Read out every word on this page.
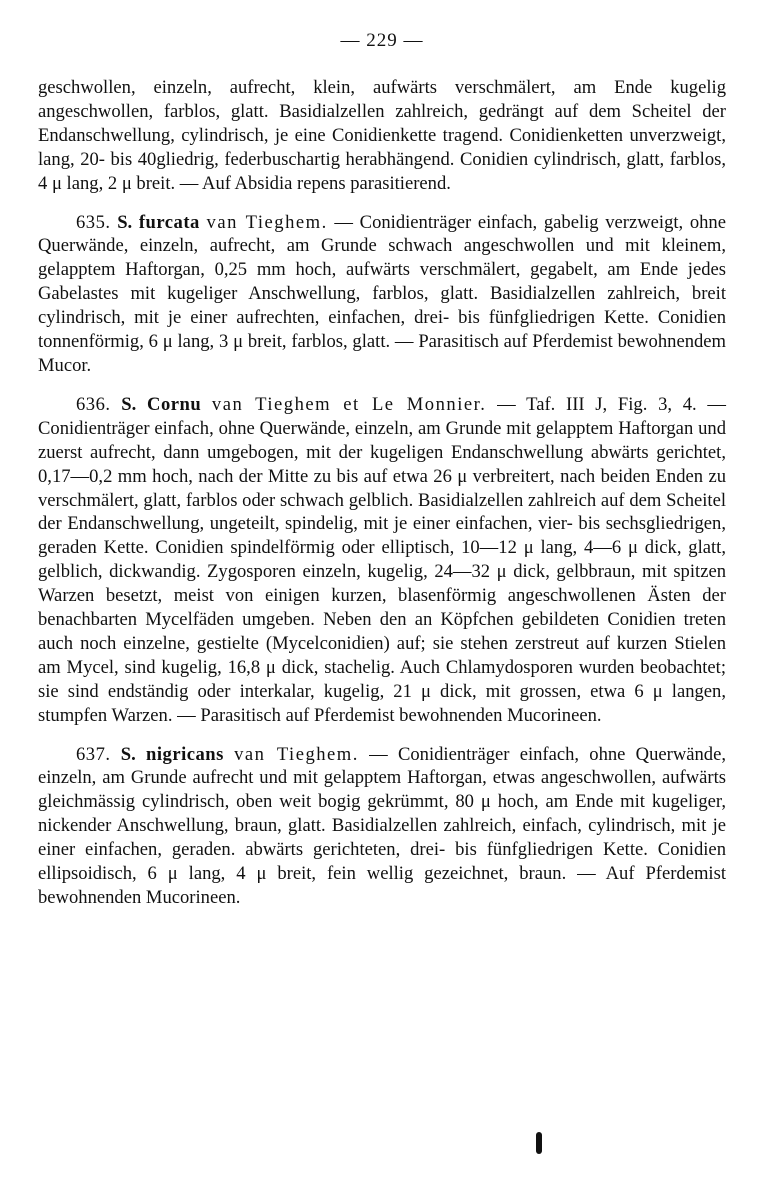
— 229 —

geschwollen, einzeln, aufrecht, klein, aufwärts verschmälert, am Ende kugelig angeschwollen, farblos, glatt. Basidialzellen zahlreich, gedrängt auf dem Scheitel der Endanschwellung, cylindrisch, je eine Conidienkette tragend. Conidienketten unverzweigt, lang, 20- bis 40gliedrig, federbuschartig herabhängend. Conidien cylindrisch, glatt, farblos, 4 μ lang, 2 μ breit. — Auf Absidia repens parasitierend.

635. S. furcata van Tieghem. — Conidienträger einfach, gabelig verzweigt, ohne Querwände, einzeln, aufrecht, am Grunde schwach angeschwollen und mit kleinem, gelapptem Haftorgan, 0,25 mm hoch, aufwärts verschmälert, gegabelt, am Ende jedes Gabelastes mit kugeliger Anschwellung, farblos, glatt. Basidialzellen zahlreich, breit cylindrisch, mit je einer aufrechten, einfachen, drei- bis fünfgliedrigen Kette. Conidien tonnenförmig, 6 μ lang, 3 μ breit, farblos, glatt. — Parasitisch auf Pferdemist bewohnendem Mucor.

636. S. Cornu van Tieghem et Le Monnier. — Taf. III J, Fig. 3, 4. — Conidienträger einfach, ohne Querwände, einzeln, am Grunde mit gelapptem Haftorgan und zuerst aufrecht, dann umgebogen, mit der kugeligen Endanschwellung abwärts gerichtet, 0,17—0,2 mm hoch, nach der Mitte zu bis auf etwa 26 μ verbreitert, nach beiden Enden zu verschmälert, glatt, farblos oder schwach gelblich. Basidialzellen zahlreich auf dem Scheitel der Endanschwellung, ungeteilt, spindelig, mit je einer einfachen, vier- bis sechsgliedrigen, geraden Kette. Conidien spindelförmig oder elliptisch, 10—12 μ lang, 4—6 μ dick, glatt, gelblich, dickwandig. Zygosporen einzeln, kugelig, 24—32 μ dick, gelbbraun, mit spitzen Warzen besetzt, meist von einigen kurzen, blasenförmig angeschwollenen Ästen der benachbarten Mycelfäden umgeben. Neben den an Köpfchen gebildeten Conidien treten auch noch einzelne, gestielte (Mycelconidien) auf; sie stehen zerstreut auf kurzen Stielen am Mycel, sind kugelig, 16,8 μ dick, stachelig. Auch Chlamydosporen wurden beobachtet; sie sind endständig oder interkalar, kugelig, 21 μ dick, mit grossen, etwa 6 μ langen, stumpfen Warzen. — Parasitisch auf Pferdemist bewohnenden Mucorineen.

637. S. nigricans van Tieghem. — Conidienträger einfach, ohne Querwände, einzeln, am Grunde aufrecht und mit gelapptem Haftorgan, etwas angeschwollen, aufwärts gleichmässig cylindrisch, oben weit bogig gekrümmt, 80 μ hoch, am Ende mit kugeliger, nickender Anschwellung, braun, glatt. Basidialzellen zahlreich, einfach, cylindrisch, mit je einer einfachen, geraden. abwärts gerichteten, drei- bis fünfgliedrigen Kette. Conidien ellipsoidisch, 6 μ lang, 4 μ breit, fein wellig gezeichnet, braun. — Auf Pferdemist bewohnenden Mucorineen.
